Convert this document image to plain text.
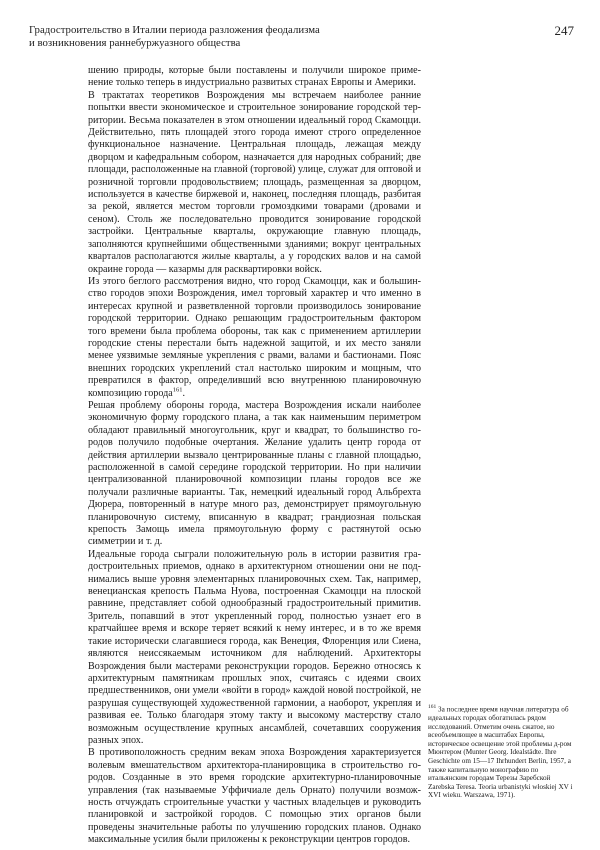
Градостроительство в Италии периода разложения феодализма
и возникновения раннебуржуазного общества
247

шению природы, которые были поставлены и получили широкое применение только теперь в индустриально развитых странах Европы и Америки.

В трактатах теоретиков Возрождения мы встречаем наиболее ранние попытки ввести экономическое и строительное зонирование городской территории. Весьма показателен в этом отношении идеальный город Скамоцци. Действительно, пять площадей этого города имеют строго определенное функциональное назначение. Центральная площадь, лежащая между дворцом и кафедральным собором, назначается для народных собраний; две площади, расположенные на главной (торговой) улице, служат для оптовой и розничной торговли продовольствием; площадь, размещенная за дворцом, используется в качестве биржевой и, наконец, последняя площадь, разбитая за рекой, является местом торговли громоздкими товарами (дровами и сеном). Столь же последовательно проводится зонирование городской застройки. Центральные кварталы, окружающие главную площадь, заполняются крупнейшими общественными зданиями; вокруг центральных кварталов располагаются жилые кварталы, а у городских валов и на самой окраине города — казармы для расквартировки войск.

Из этого беглого рассмотрения видно, что город Скамоцци, как и большинство городов эпохи Возрождения, имел торговый характер и что именно в интересах крупной и разветвленной торговли производилось зонирование городской территории. Однако решающим градостроительным фактором того времени была проблема обороны, так как с применением артиллерии городские стены перестали быть надежной защитой, и их место заняли менее уязвимые земляные укрепления с рвами, валами и бастионами. Пояс внешних городских укреплений стал настолько широким и мощным, что превратился в фактор, определивший всю внутреннюю планировочную композицию города$^{161}$.

Решая проблему обороны города, мастера Возрождения искали наиболее экономичную форму городского плана, а так как наименьшим периметром обладают правильный многоугольник, круг и квадрат, то большинство городов получило подобные очертания. Желание удалить центр города от действия артиллерии вызвало центрированные планы с главной площадью, расположенной в самой середине городской территории. Но при наличии централизованной планировочной композиции планы городов все же получали различные варианты. Так, немецкий идеальный город Альбрехта Дюрера, повторенный в натуре много раз, демонстрирует прямоугольную планировочную систему, вписанную в квадрат; грандиозная польская крепость Замощь имела прямоугольную форму с растянутой осью симметрии и т. д.

Идеальные города сыграли положительную роль в истории развития градостроительных приемов, однако в архитектурном отношении они не поднимались выше уровня элементарных планировочных схем. Так, например, венецианская крепость Пальма Нуова, построенная Скамоцци на плоской равнине, представляет собой однообразный градостроительный примитив. Зритель, попавший в этот укрепленный город, полностью узнает его в кратчайшее время и вскоре теряет всякий к нему интерес, и в то же время такие исторически слагавшиеся города, как Венеция, Флоренция или Сиена, являются неиссякаемым источником для наблюдений. Архитекторы Возрождения были мастерами реконструкции городов. Бережно относясь к архитектурным памятникам прошлых эпох, считаясь с идеями своих предшественников, они умели «войти в город» каждой новой постройкой, не разрушая существующей художественной гармонии, а наоборот, укрепляя и развивая ее. Только благодаря этому такту и высокому мастерству стало возможным осуществление крупных ансамблей, сочетавших сооружения разных эпох.

В противоположность средним векам эпоха Возрождения характеризуется волевым вмешательством архитектора-планировщика в строительство городов. Созданные в это время городские архитектурно-планировочные управления (так называемые Уффичиале дель Орнато) получили возможность отчуждать строительные участки у частных владельцев и руководить планировкой и застройкой городов. С помощью этих органов были проведены значительные работы по улучшению городских планов. Однако максимальные усилия были приложены к реконструкции центров городов.

$^{161}$ За последнее время научная литература об идеальных городах обогатилась рядом исследований. Отметим очень сжатое, но всеобъемлющее в масштабах Европы, историческое освещение этой проблемы д-ром Мюнтером (Munter Georg. Idealstädte. Ihre Geschichte om 15—17 Ihrhundert Berlin, 1957, а также капитальную монографию по итальянским городам Терезы Заребской Zarebska Teresa. Teoria urbanistyki włoskiej XV i XVI wieku. Warszawa, 1971).
